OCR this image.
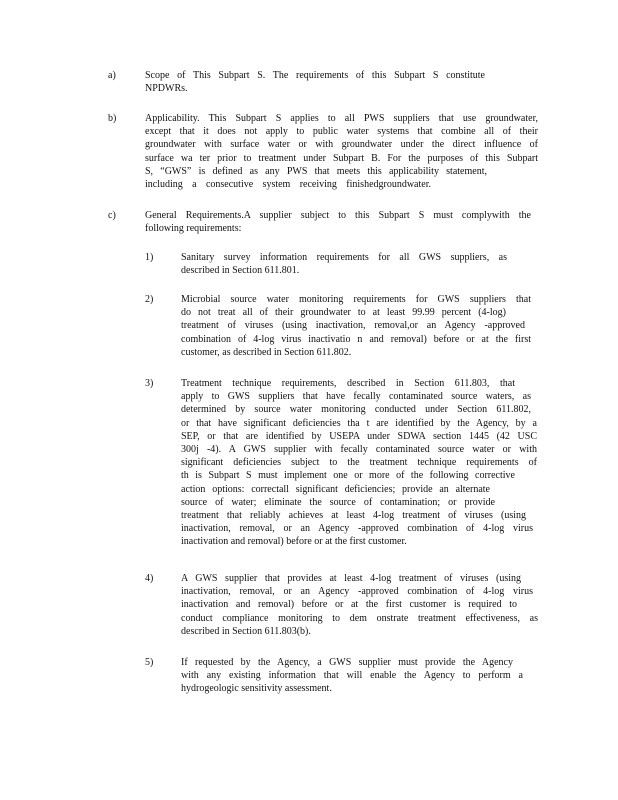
a)	Scope of This Subpart S. The requirements of this Subpart S constitute
NPDWRs.
b)	Applicability. This Subpart S applies to all PWS suppliers that use groundwater,
except that it does not apply to public water systems that combine all of their
groundwater with surface water or with groundwater under the direct influence of
surface wa ter prior to treatment under Subpart B. For the purposes of this Subpart
S, “GWS” is defined as any PWS that meets this applicability statement,
including a consecutive system receiving finishedgroundwater.
c)	General Requirements.A supplier subject to this Subpart S must complywith the
following requirements:
1)	Sanitary survey information requirements for all GWS suppliers, as
described in Section 611.801.
2)	Microbial source water monitoring requirements for GWS suppliers that
do not treat all of their groundwater to at least 99.99 percent (4-log)
treatment of viruses (using inactivation, removal,or an Agency -approved
combination of 4-log virus inactivatio n and removal) before or at the first
customer, as described in Section 611.802.
3)	Treatment technique requirements, described in Section 611.803, that
apply to GWS suppliers that have fecally contaminated source waters, as
determined by source water monitoring conducted under Section 611.802,
or that have significant deficiencies tha t are identified by the Agency, by a
SEP, or that are identified by USEPA under SDWA section 1445 (42 USC
300j -4). A GWS supplier with fecally contaminated source water or with
significant deficiencies subject to the treatment technique requirements of
th is Subpart S must implement one or more of the following corrective
action options: correctall significant deficiencies; provide an alternate
source of water; eliminate the source of contamination; or provide
treatment that reliably achieves at least 4-log treatment of viruses (using
inactivation, removal, or an Agency -approved combination of 4-log virus
inactivation and removal) before or at the first customer.
4)	A GWS supplier that provides at least 4-log treatment of viruses (using
inactivation, removal, or an Agency -approved combination of 4-log virus
inactivation and removal) before or at the first customer is required to
conduct compliance monitoring to dem onstrate treatment effectiveness, as
described in Section 611.803(b).
5)	If requested by the Agency, a GWS supplier must provide the Agency
with any existing information that will enable the Agency to perform a
hydrogeologic sensitivity assessment.
